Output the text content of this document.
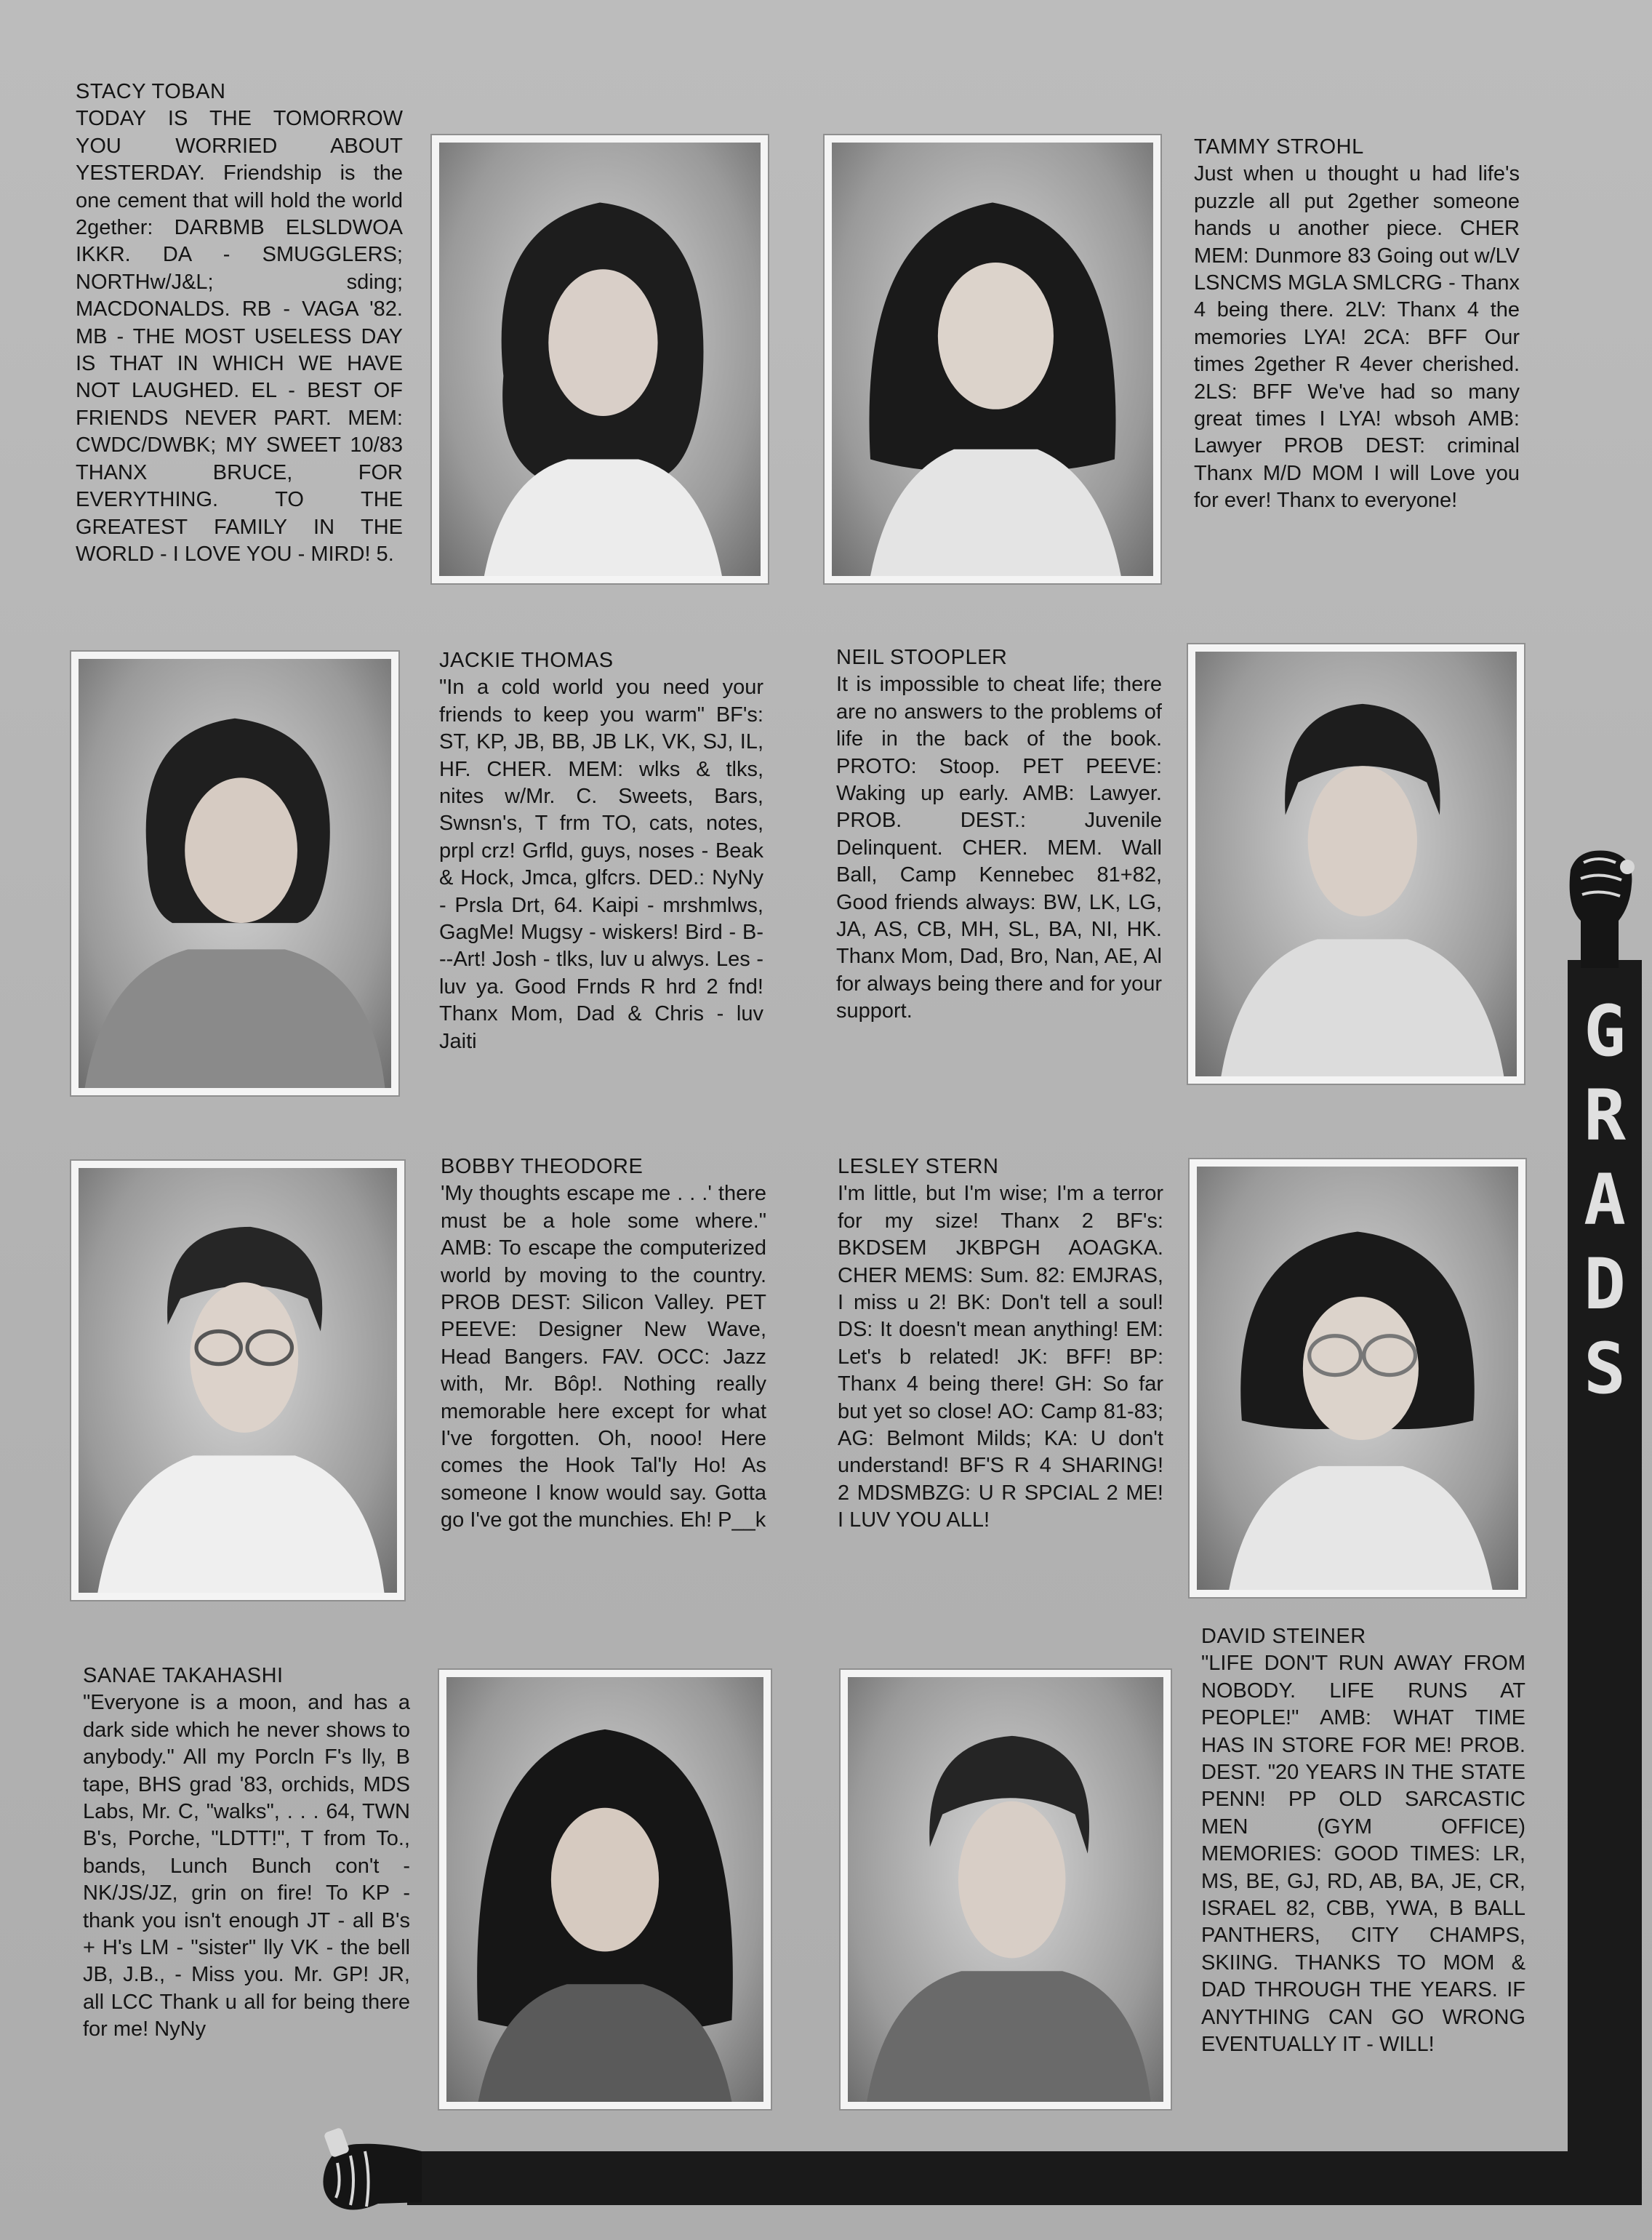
STACY TOBAN
TODAY IS THE TOMORROW YOU WORRIED ABOUT YESTERDAY. Friendship is the one cement that will hold the world 2gether: DARBMB ELSLDWOA IKKR. DA - SMUGGLERS; NORTHw/J&L; sding; MACDONALDS. RB - VAGA '82. MB - THE MOST USELESS DAY IS THAT IN WHICH WE HAVE NOT LAUGHED. EL - BEST OF FRIENDS NEVER PART. MEM: CWDC/DWBK; MY SWEET 10/83 THANX BRUCE, FOR EVERYTHING. TO THE GREATEST FAMILY IN THE WORLD - I LOVE YOU - MIRD! 5.
TAMMY STROHL
Just when u thought u had life's puzzle all put 2gether someone hands u another piece. CHER MEM: Dunmore 83 Going out w/LV LSNCMS MGLA SMLCRG - Thanx 4 being there. 2LV: Thanx 4 the memories LYA! 2CA: BFF Our times 2gether R 4ever cherished. 2LS: BFF We've had so many great times I LYA! wbsoh AMB: Lawyer PROB DEST: criminal Thanx M/D MOM I will Love you for ever! Thanx to everyone!
JACKIE THOMAS
"In a cold world you need your friends to keep you warm" BF's: ST, KP, JB, BB, JB LK, VK, SJ, IL, HF. CHER. MEM: wlks & tlks, nites w/Mr. C. Sweets, Bars, Swnsn's, T frm TO, cats, notes, prpl crz! Grfld, guys, noses - Beak & Hock, Jmca, glfcrs. DED.: NyNy - Prsla Drt, 64. Kaipi - mrshmlws, GagMe! Mugsy - wiskers! Bird - B---Art! Josh - tlks, luv u alwys. Les - luv ya. Good Frnds R hrd 2 fnd! Thanx Mom, Dad & Chris - luv Jaiti
NEIL STOOPLER
It is impossible to cheat life; there are no answers to the problems of life in the back of the book. PROTO: Stoop. PET PEEVE: Waking up early. AMB: Lawyer. PROB. DEST.: Juvenile Delinquent. CHER. MEM. Wall Ball, Camp Kennebec 81+82, Good friends always: BW, LK, LG, JA, AS, CB, MH, SL, BA, NI, HK. Thanx Mom, Dad, Bro, Nan, AE, Al for always being there and for your support.
BOBBY THEODORE
'My thoughts escape me . . .' there must be a hole some where." AMB: To escape the computerized world by moving to the country. PROB DEST: Silicon Valley. PET PEEVE: Designer New Wave, Head Bangers. FAV. OCC: Jazz with, Mr. Bôp!. Nothing really memorable here except for what I've forgotten. Oh, nooo! Here comes the Hook Tal'ly Ho! As someone I know would say. Gotta go I've got the munchies. Eh! P__k
LESLEY STERN
I'm little, but I'm wise; I'm a terror for my size! Thanx 2 BF's: BKDSEM JKBPGH AOAGKA. CHER MEMS: Sum. 82: EMJRAS, I miss u 2! BK: Don't tell a soul! DS: It doesn't mean anything! EM: Let's b related! JK: BFF! BP: Thanx 4 being there! GH: So far but yet so close! AO: Camp 81-83; AG: Belmont Milds; KA: U don't understand! BF'S R 4 SHARING! 2 MDSMBZG: U R SPCIAL 2 ME! I LUV YOU ALL!
SANAE TAKAHASHI
"Everyone is a moon, and has a dark side which he never shows to anybody." All my Porcln F's lly, B tape, BHS grad '83, orchids, MDS Labs, Mr. C, "walks", . . . 64, TWN B's, Porche, "LDTT!", T from To., bands, Lunch Bunch con't - NK/JS/JZ, grin on fire! To KP - thank you isn't enough JT - all B's + H's LM - "sister" lly VK - the bell JB, J.B., - Miss you. Mr. GP! JR, all LCC Thank u all for being there for me! NyNy
DAVID STEINER
"LIFE DON'T RUN AWAY FROM NOBODY. LIFE RUNS AT PEOPLE!" AMB: WHAT TIME HAS IN STORE FOR ME! PROB. DEST. "20 YEARS IN THE STATE PENN! PP OLD SARCASTIC MEN (GYM OFFICE) MEMORIES: GOOD TIMES: LR, MS, BE, GJ, RD, AB, BA, JE, CR, ISRAEL 82, CBB, YWA, B BALL PANTHERS, CITY CHAMPS, SKIING. THANKS TO MOM & DAD THROUGH THE YEARS. IF ANYTHING CAN GO WRONG EVENTUALLY IT - WILL!
G
R
A
D
S
